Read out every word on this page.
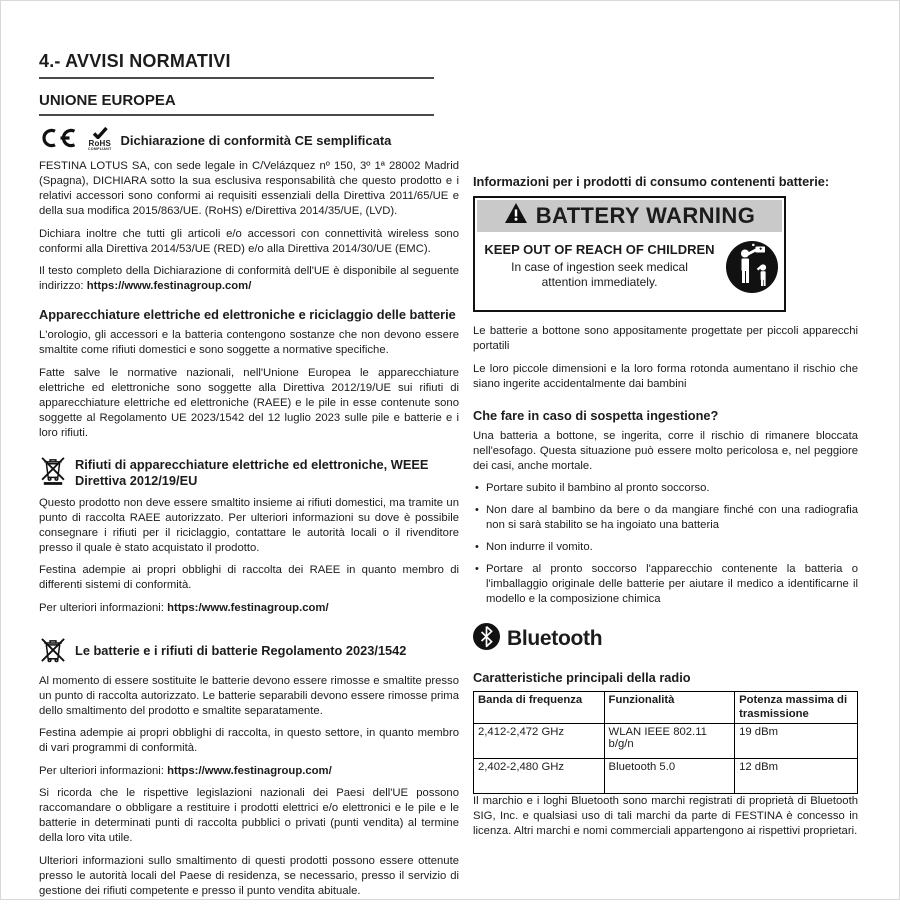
4.- AVVISI NORMATIVI
UNIONE EUROPEA
RoHS
COMPLIANT
Dichiarazione di conformità CE semplificata

FESTINA LOTUS SA, con sede legale in C/Velázquez nº 150, 3º 1ª 28002 Madrid (Spagna), DICHIARA sotto la sua esclusiva responsabilità che questo prodotto e i relativi accessori sono conformi ai requisiti essenziali della Direttiva 2011/65/UE e della sua modifica 2015/863/UE. (RoHS) e/Direttiva 2014/35/UE, (LVD).

Dichiara inoltre che tutti gli articoli e/o accessori con connettività wireless sono conformi alla Direttiva 2014/53/UE (RED) e/o alla Direttiva 2014/30/UE (EMC).

Il testo completo della Dichiarazione di conformità dell'UE è disponibile al seguente indirizzo: https://www.festinagroup.com/

Apparecchiature elettriche ed elettroniche e riciclaggio delle batterie

L'orologio, gli accessori e la batteria contengono sostanze che non devono essere smaltite come rifiuti domestici e sono soggette a normative specifiche.

Fatte salve le normative nazionali, nell'Unione Europea le apparecchiature elettriche ed elettroniche sono soggette alla Direttiva 2012/19/UE sui rifiuti di apparecchiature elettriche ed elettroniche (RAEE) e le pile in esse contenute sono soggette al Regolamento UE 2023/1542 del 12 luglio 2023 sulle pile e batterie e i loro rifiuti.

Rifiuti di apparecchiature elettriche ed elettroniche, WEEE Direttiva 2012/19/EU

Questo prodotto non deve essere smaltito insieme ai rifiuti domestici, ma tramite un punto di raccolta RAEE autorizzato. Per ulteriori informazioni su dove è possibile consegnare i rifiuti per il riciclaggio, contattare le autorità locali o il rivenditore presso il quale è stato acquistato il prodotto.

Festina adempie ai propri obblighi di raccolta dei RAEE in quanto membro di differenti sistemi di conformità.

Per ulteriori informazioni: https:/www.festinagroup.com/

Le batterie e i rifiuti di batterie Regolamento 2023/1542

Al momento di essere sostituite le batterie devono essere rimosse e smaltite presso un punto di raccolta autorizzato. Le batterie separabili devono essere rimosse prima dello smaltimento del prodotto e smaltite separatamente.

Festina adempie ai propri obblighi di raccolta, in questo settore, in quanto membro di vari programmi di conformità.

Per ulteriori informazioni: https://www.festinagroup.com/

Si ricorda che le rispettive legislazioni nazionali dei Paesi dell'UE possono raccomandare o obbligare a restituire i prodotti elettrici e/o elettronici e le pile e le batterie in determinati punti di raccolta pubblici o privati (punti vendita) al termine della loro vita utile.

Ulteriori informazioni sullo smaltimento di questi prodotti possono essere ottenute presso le autorità locali del Paese di residenza, se necessario, presso il servizio di gestione dei rifiuti competente e presso il punto vendita abituale.

Informazioni per i prodotti di consumo contenenti batterie:
BATTERY WARNING
KEEP OUT OF REACH OF CHILDREN
In case of ingestion seek medical attention immediately.

Le batterie a bottone sono appositamente progettate per piccoli apparecchi portatili

Le loro piccole dimensioni e la loro forma rotonda aumentano il rischio che siano ingerite accidentalmente dai bambini

Che fare in caso di sospetta ingestione?

Una batteria a bottone, se ingerita, corre il rischio di rimanere bloccata nell'esofago. Questa situazione può essere molto pericolosa e, nel peggiore dei casi, anche mortale.

• Portare subito il bambino al pronto soccorso.
• Non dare al bambino da bere o da mangiare finché con una radiografia non si sarà stabilito se ha ingoiato una batteria
• Non indurre il vomito.
• Portare al pronto soccorso l'apparecchio contenente la batteria o l'imballaggio originale delle batterie per aiutare il medico a identificarne il modello e la composizione chimica
Bluetooth
Caratteristiche principali della radio
Banda di frequenza	Funzionalità	Potenza massima di trasmissione
2,412-2,472 GHz	WLAN IEEE 802.11 b/g/n	19 dBm
2,402-2,480 GHz	Bluetooth 5.0	12 dBm

Il marchio e i loghi Bluetooth sono marchi registrati di proprietà di Bluetooth SIG, Inc. e qualsiasi uso di tali marchi da parte di FESTINA è concesso in licenza. Altri marchi e nomi commerciali appartengono ai rispettivi proprietari.
